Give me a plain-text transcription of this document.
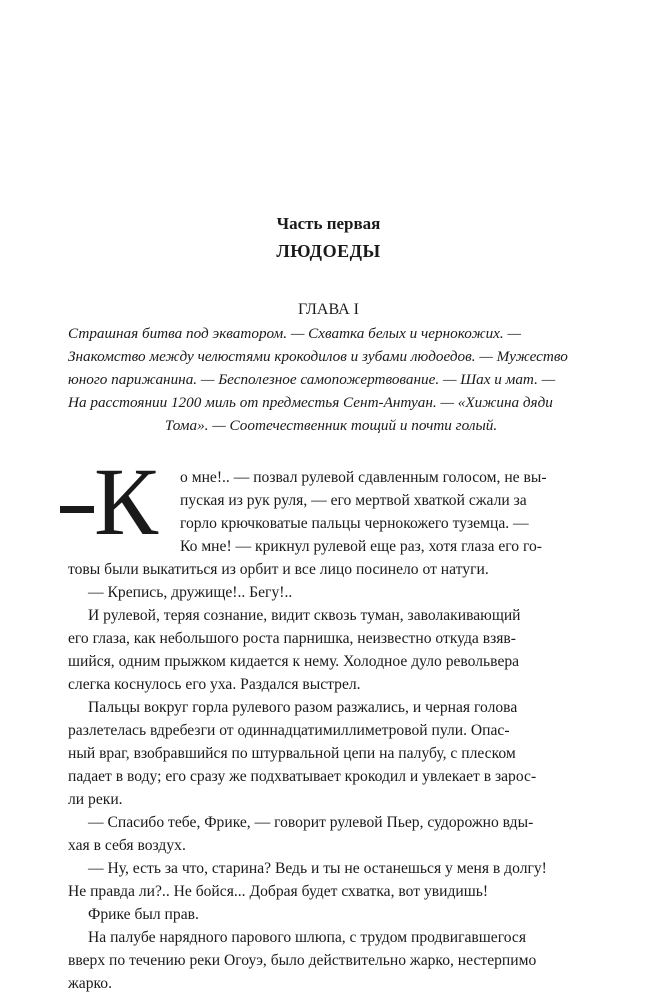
Часть первая
ЛЮДОЕДЫ
ГЛАВА I
Страшная битва под экватором. — Схватка белых и чернокожих. —
Знакомство между челюстями крокодилов и зубами людоедов. — Мужество
юного парижанина. — Бесполезное самопожертвование. — Шах и мат. —
На расстоянии 1200 миль от предместья Сент-Антуан. — «Хижина дяди
Тома». — Соотечественник тощий и почти голый.
К о мне!.. — позвал рулевой сдавленным голосом, не вы-
пуская из рук руля, — его мертвой хваткой сжали за
горло крючковатые пальцы чернокожего туземца. —
Ко мне! — крикнул рулевой еще раз, хотя глаза его го-
товы были выкатиться из орбит и все лицо посинело от натуги.
— Крепись, дружище!.. Бегу!..
И рулевой, теряя сознание, видит сквозь туман, заволакивающий
его глаза, как небольшого роста парнишка, неизвестно откуда взяв-
шийся, одним прыжком кидается к нему. Холодное дуло револьвера
слегка коснулось его уха. Раздался выстрел.
Пальцы вокруг горла рулевого разом разжались, и черная голова
разлетелась вдребезги от одиннадцатимиллиметровой пули. Опас-
ный враг, взобравшийся по штурвальной цепи на палубу, с плеском
падает в воду; его сразу же подхватывает крокодил и увлекает в зарос-
ли реки.
— Спасибо тебе, Фрике, — говорит рулевой Пьер, судорожно вды-
хая в себя воздух.
— Ну, есть за что, старина? Ведь и ты не останешься у меня в долгу!
Не правда ли?.. Не бойся... Добрая будет схватка, вот увидишь!
Фрике был прав.
На палубе нарядного парового шлюпа, с трудом продвигавшегося
вверх по течению реки Огоуэ, было действительно жарко, нестерпимо
жарко.
